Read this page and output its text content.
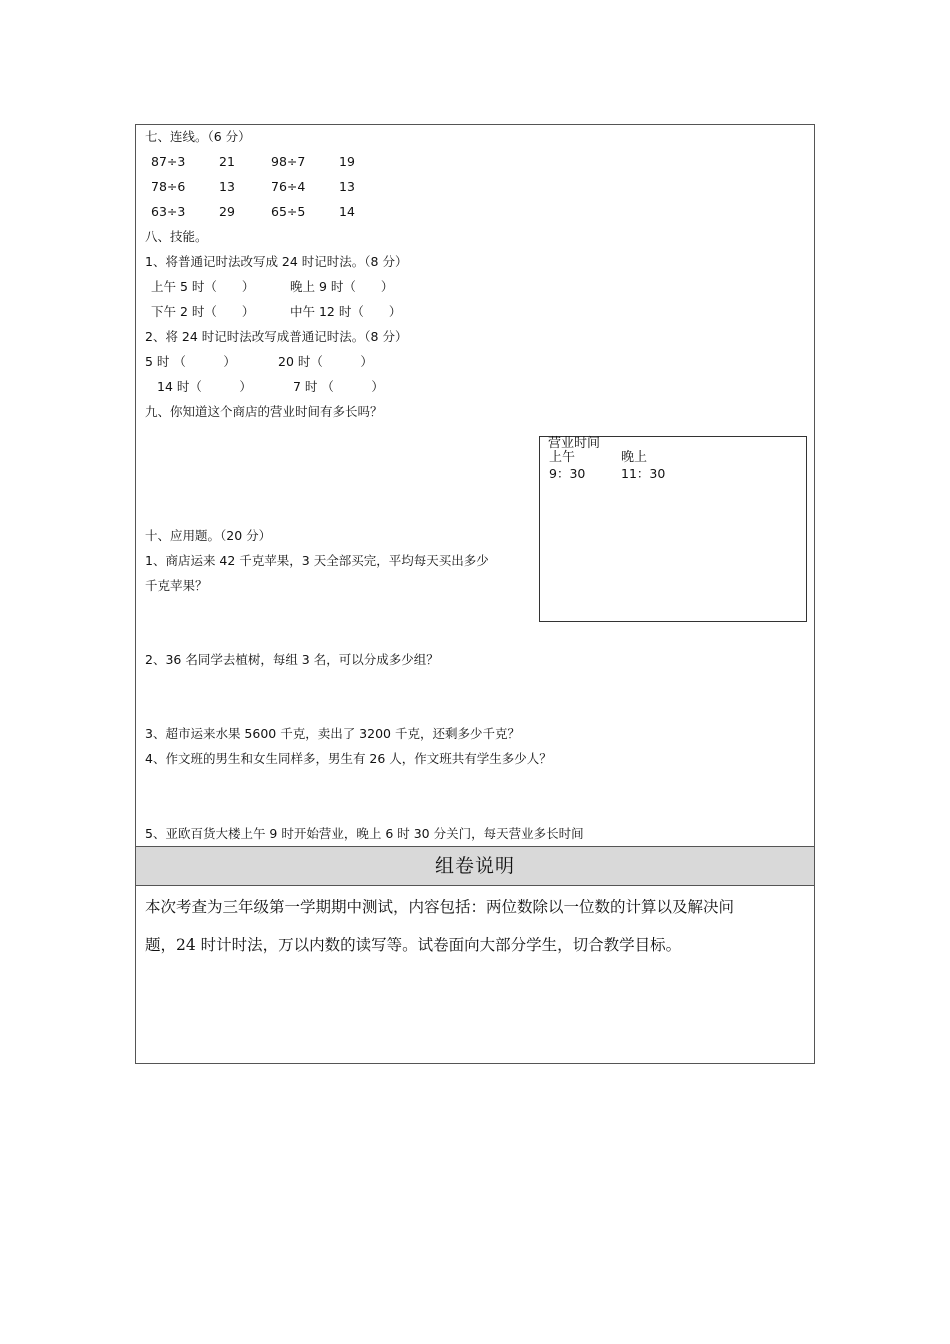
七、连线。（6 分）
87÷3	21	98÷7	19
78÷6	13	76÷4	13
63÷3	29	65÷5	14
八、技能。
1、将普通记时法改写成 24 时记时法。（8 分）
上午 5 时（　　）	晚上 9 时（　　）
下午 2 时（　　）	中午 12 时（　　）
2、将 24 时记时法改写成普通记时法。（8 分）
5 时 （　　　）	20 时（　　　）
14 时（　　　）	7 时 （　　　）
九、你知道这个商店的营业时间有多长吗？
营业时间
上午	晚上
9：30	11：30
十、应用题。（20 分）
1、商店运来 42 千克苹果，3 天全部买完，平均每天买出多少
千克苹果？
2、36 名同学去植树，每组 3 名，可以分成多少组？
3、超市运来水果 5600 千克，卖出了 3200 千克，还剩多少千克？
4、作文班的男生和女生同样多，男生有 26 人，作文班共有学生多少人？
5、亚欧百货大楼上午 9 时开始营业，晚上 6 时 30 分关门，每天营业多长时间
组卷说明

本次考查为三年级第一学期期中测试，内容包括：两位数除以一位数的计算以及解决问

题，24 时计时法，万以内数的读写等。试卷面向大部分学生，切合教学目标。
